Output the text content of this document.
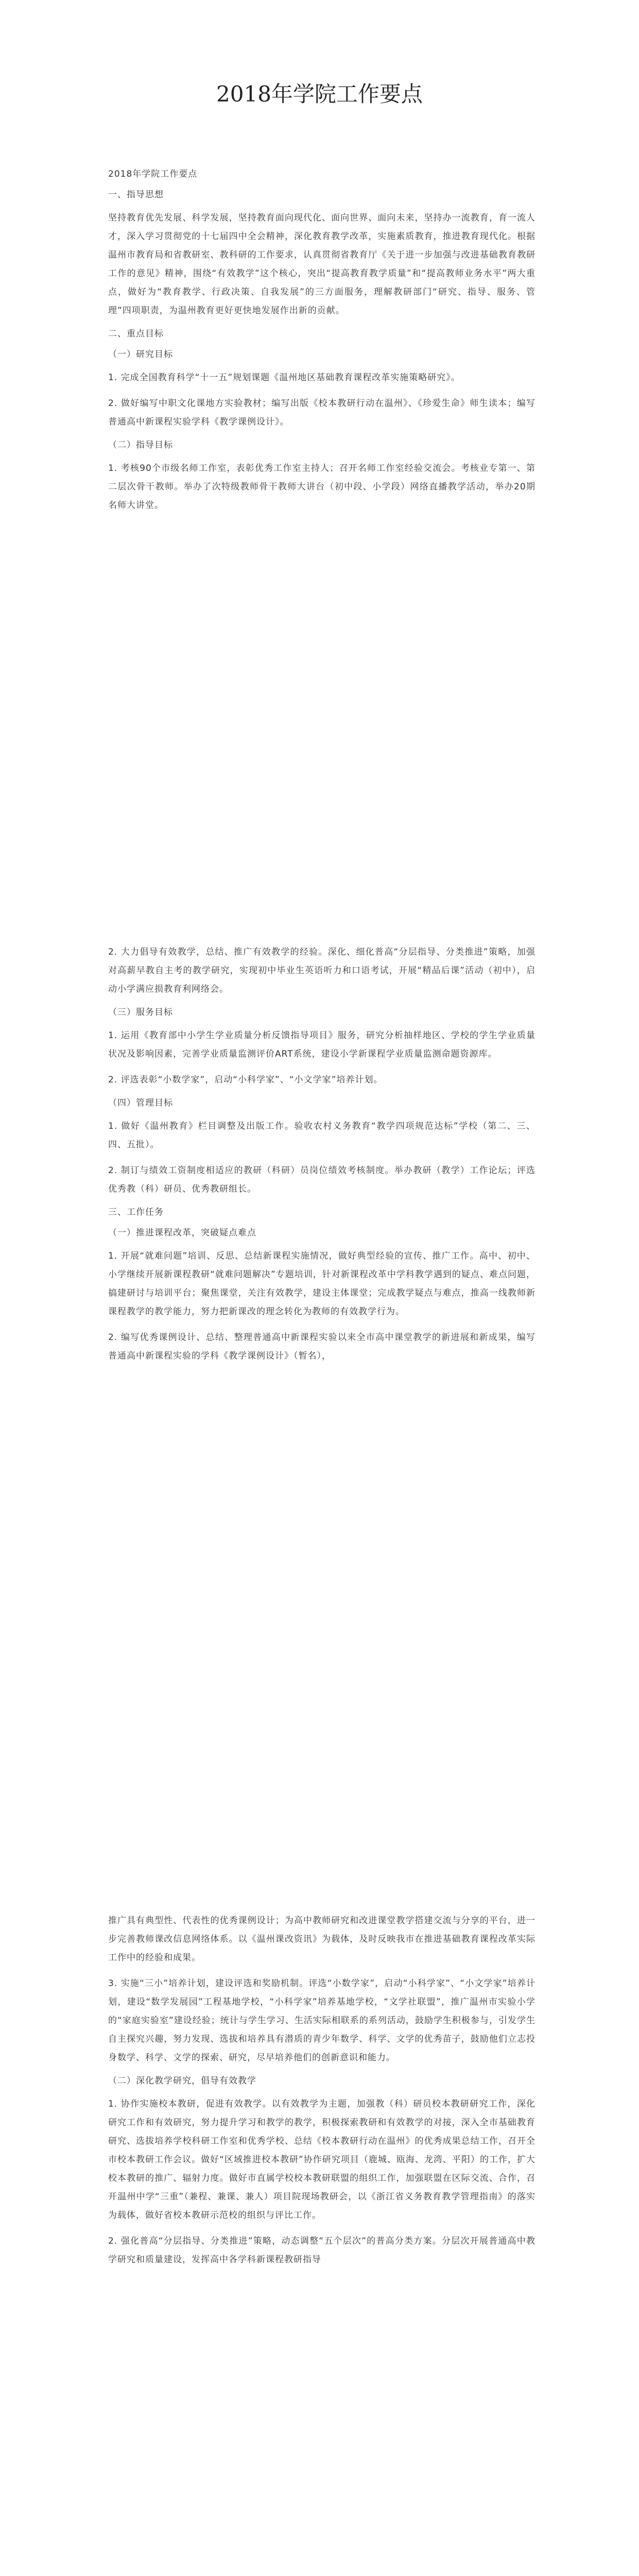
2018年学院工作要点

2018年学院工作要点

一、指导思想

坚持教育优先发展、科学发展，坚持教育面向现代化、面向世界、面向未来，坚持办一流教育，育一流人才，深入学习贯彻党的十七届四中全会精神，深化教育教学改革，实施素质教育，推进教育现代化。根据温州市教育局和省教研室、教科研的工作要求，认真贯彻省教育厅《关于进一步加强与改进基础教育教研工作的意见》精神，围绕“有效教学”这个核心，突出“提高教育教学质量”和“提高教师业务水平”两大重点，做好为“教育教学、行政决策、自我发展”的三方面服务，理解教研部门“研究、指导、服务、管理”四项职责，为温州教育更好更快地发展作出新的贡献。

二、重点目标

（一）研究目标

1. 完成全国教育科学“十一五”规划课题《温州地区基础教育课程改革实施策略研究》。

2. 做好编写中职文化课地方实验教材；编写出版《校本教研行动在温州》、《珍爱生命》师生读本；编写普通高中新课程实验学科《教学课例设计》。

（二）指导目标

1. 考核90个市级名师工作室，表彰优秀工作室主持人；召开名师工作室经验交流会。考核业专第一、第二层次骨干教师。举办了次特级教师骨干教师大讲台（初中段、小学段）网络直播教学活动，举办20期名师大讲堂。

2. 大力倡导有效教学，总结、推广有效教学的经验。深化、细化普高“分层指导、分类推进”策略，加强对高薪早教自主考的教学研究，实现初中毕业生英语听力和口语考试，开展“精品后课”活动（初中），启动小学满应损教育利网络会。

（三）服务目标

1. 运用《教育部中小学生学业质量分析反馈指导项目》服务，研究分析抽样地区、学校的学生学业质量状况及影响因素，完善学业质量监测评价ART系统，建设小学新课程学业质量监测命题资源库。

2. 评选表彰“小数学家”，启动“小科学家”、“小文学家”培养计划。

（四）管理目标

1. 做好《温州教育》栏目调整及出版工作。验收农村义务教育“教学四项规范达标”学校（第二、三、四、五批）。

2. 制订与绩效工资制度相适应的教研（科研）员岗位绩效考核制度。举办教研（教学）工作论坛；评选优秀教（科）研员、优秀教研组长。

三、工作任务

（一）推进课程改革，突破疑点难点

1. 开展“就难问题”培训、反思、总结新课程实施情况，做好典型经验的宣传、推广工作。高中、初中、小学继续开展新课程教研“就难问题解决”专题培训，针对新课程改革中学科教学遇到的疑点、难点问题，搞建研讨与培训平台；聚焦课堂，关注有效教学，建设主体课堂；完成教学疑点与难点，推高一线教师新课程教学的教学能力，努力把新课改的理念转化为教师的有效教学行为。

2. 编写优秀课例设计、总结、整理普通高中新课程实验以来全市高中课堂教学的新进展和新成果，编写普通高中新课程实验的学科《教学课例设计》（暂名），

推广具有典型性、代表性的优秀课例设计；为高中教师研究和改进课堂教学搭建交流与分享的平台，进一步完善教师课改信息网络体系。以《温州课改资讯》为载体，及时反映我市在推进基础教育课程改革实际工作中的经验和成果。

3. 实施“三小”培养计划，建设评选和奖励机制。评选“小数学家”，启动“小科学家”、“小文学家”培养计划，建设“数学发展园”工程基地学校，“小科学家”培养基地学校，“文学社联盟”，推广温州市实验小学的“家庭实验室”建设经验；统计与学生学习、生活实际相联系的系列活动，鼓励学生积极参与，引发学生自主探究兴趣，努力发现、选拔和培养具有潜质的青少年数学、科学、文学的优秀苗子，鼓励他们立志投身数学、科学、文学的探索、研究，尽早培养他们的创新意识和能力。

（二）深化教学研究，倡导有效教学

1. 协作实施校本教研，促进有效教学。以有效教学为主题，加强教（科）研员校本教研研究工作，深化研究工作和有效研究，努力提升学习和教学的教学，积极探索教研和有效教学的对接，深入全市基础教育研究、选拔培养学校科研工作室和优秀学校、总结《校本教研行动在温州》的优秀成果总结工作，召开全市校本教研工作会议。做好“区域推进校本教研”协作研究项目（鹿城、瓯海、龙湾、平阳）的工作，扩大校本教研的推广、辐射力度。做好市直属学校校本教研联盟的组织工作，加强联盟在区际交流、合作，召开温州中学“三重”（兼程、兼课、兼人）项目院现场教研会，以《浙江省义务教育教学管理指南》的落实为载体，做好省校本教研示范校的组织与评比工作。

2. 强化普高“分层指导、分类推进”策略，动态调整“五个层次”的普高分类方案。分层次开展普通高中教学研究和质量建设，发挥高中各学科新课程教研指导
